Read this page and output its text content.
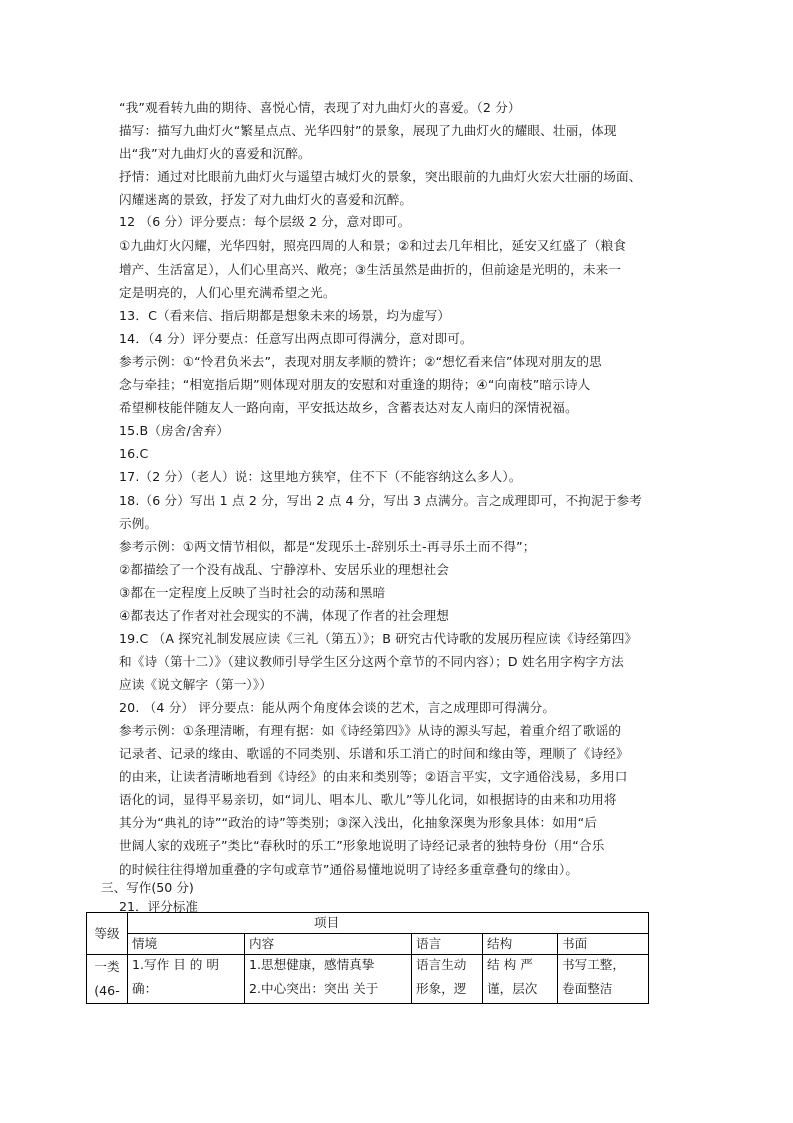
“我”观看转九曲的期待、喜悦心情，表现了对九曲灯火的喜爱。（2 分）
描写：描写九曲灯火“繁星点点、光华四射”的景象，展现了九曲灯火的耀眼、壮丽，体现
出“我”对九曲灯火的喜爱和沉醉。
抒情：通过对比眼前九曲灯火与遥望古城灯火的景象，突出眼前的九曲灯火宏大壮丽的场面、
闪耀迷离的景致，抒发了对九曲灯火的喜爱和沉醉。
12 （6 分）评分要点：每个层级 2 分，意对即可。
①九曲灯火闪耀，光华四射，照亮四周的人和景；②和过去几年相比，延安又红盛了（粮食
增产、生活富足），人们心里高兴、敞亮；③生活虽然是曲折的，但前途是光明的，未来一
定是明亮的，人们心里充满希望之光。
13．C（看来信、指后期都是想象未来的场景，均为虚写）
14．（4 分）评分要点：任意写出两点即可得满分，意对即可。
参考示例：①“怜君负米去”，表现对朋友孝顺的赞许；②“想忆看来信”体现对朋友的思
念与牵挂；“相宽指后期”则体现对朋友的安慰和对重逢的期待；④“向南枝”暗示诗人
希望柳枝能伴随友人一路向南，平安抵达故乡，含蓄表达对友人南归的深情祝福。
15.B（房舍/舍弃）
16.C
17.（2 分）（老人）说：这里地方狭窄，住不下（不能容纳这么多人）。
18.（6 分）写出 1 点 2 分，写出 2 点 4 分，写出 3 点满分。言之成理即可，不拘泥于参考
示例。
参考示例：①两文情节相似，都是“发现乐土-辞别乐土-再寻乐土而不得”；
②都描绘了一个没有战乱、宁静淳朴、安居乐业的理想社会
③都在一定程度上反映了当时社会的动荡和黑暗
④都表达了作者对社会现实的不满，体现了作者的社会理想
19.C （A 探究礼制发展应读《三礼（第五）》；B 研究古代诗歌的发展历程应读《诗经第四》
和《诗（第十二）》（建议教师引导学生区分这两个章节的不同内容）；D 姓名用字构字方法
应读《说文解字（第一）》）
20. （4 分） 评分要点：能从两个角度体会谈的艺术，言之成理即可得满分。
参考示例：①条理清晰，有理有据：如《诗经第四》》从诗的源头写起，着重介绍了歌谣的
记录者、记录的缘由、歌谣的不同类别、乐谱和乐工消亡的时间和缘由等，理顺了《诗经》
的由来，让读者清晰地看到《诗经》的由来和类别等；②语言平实，文字通俗浅易，多用口
语化的词，显得平易亲切，如“词儿、唱本儿、歌儿”等儿化词，如根据诗的由来和功用将
其分为“典礼的诗”“政治的诗”等类别；③深入浅出，化抽象深奥为形象具体：如用“后
世阔人家的戏班子”类比“春秋时的乐工”形象地说明了诗经记录者的独特身份（用“合乐
的时候往往得增加重叠的字句或章节”通俗易懂地说明了诗经多重章叠句的缘由）。
三、写作(50 分)
21．评分标准
等级	项目				
	情境	内容	语言	结构	书面

一类
(46-	1.写作 目 的 明	1.思想健康，感情真挚	语言生动	结 构 严	书写工整，
	确：	2.中心突出：突出 关于	形象，逻	谨，层次	卷面整洁
